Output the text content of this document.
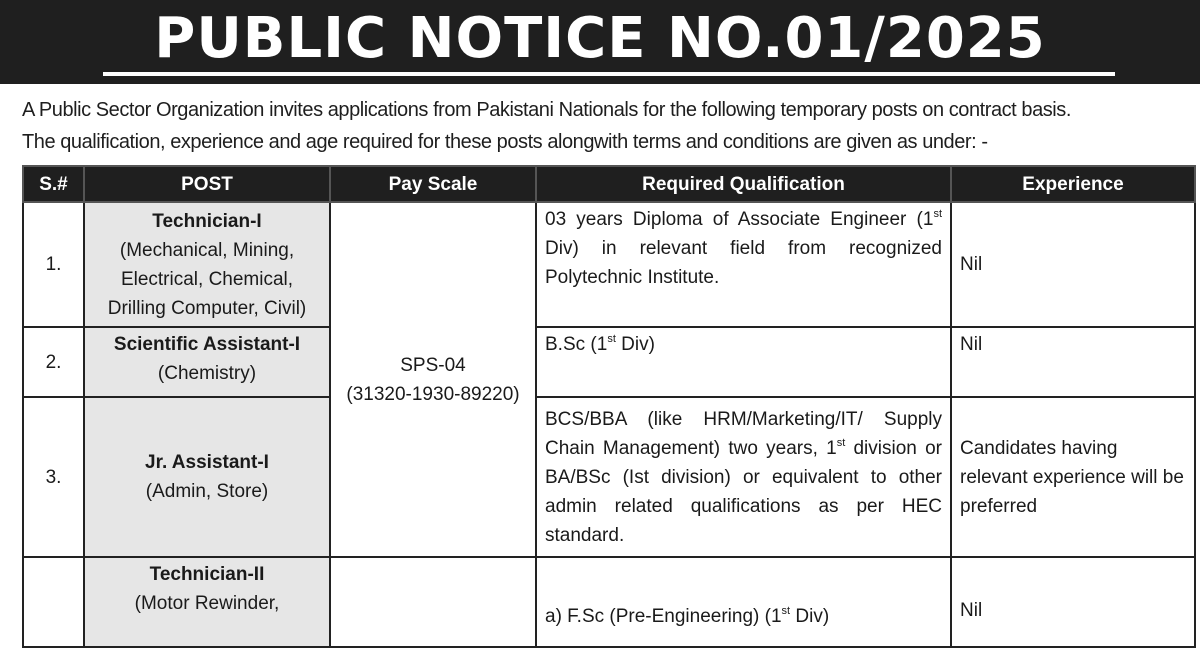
PUBLIC NOTICE NO.01/2025

A Public Sector Organization invites applications from Pakistani Nationals for the following temporary posts on contract basis.

The qualification, experience and age required for these posts alongwith terms and conditions are given as under: -

S.#	POST	Pay Scale	Required Qualification	Experience
1.	Technician-I
(Mechanical, Mining,
Electrical, Chemical,
Drilling Computer, Civil)	SPS-04
(31320-1930-89220)	03 years Diploma of Associate Engineer (1st Div) in relevant field from recognized Polytechnic Institute.	Nil
2.	Scientific Assistant-I
(Chemistry)		B.Sc (1st Div)	Nil
3.	Jr. Assistant-I
(Admin, Store)		BCS/BBA (like HRM/Marketing/IT/ Supply Chain Management) two years, 1st division or BA/BSc (Ist division) or equivalent to other admin related qualifications as per HEC standard.	Candidates having relevant experience will be preferred

	Technician-II
(Motor Rewinder,		a) F.Sc (Pre-Engineering) (1st Div)	Nil
